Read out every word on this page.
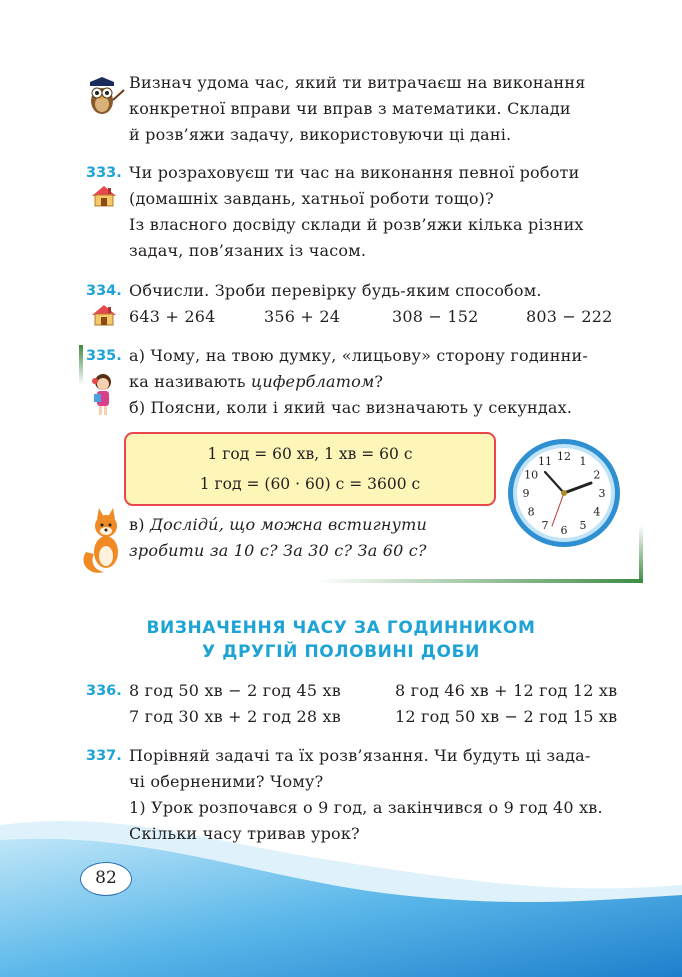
Визнач удома час, який ти витрачаєш на виконання
конкретної вправи чи вправ з математики. Склади
й розв’яжи задачу, використовуючи ці дані.
333. Чи розраховуєш ти час на виконання певної роботи
(домашніх завдань, хатньої роботи тощо)?
Із власного досвіду склади й розв’яжи кілька різних
задач, пов’язаних із часом.
334. Обчисли. Зроби перевірку будь-яким способом.
643 + 264	356 + 24	308 − 152	803 − 222
335. а) Чому, на твою думку, «лицьову» сторону годинни-
ка називають циферблатом?
б) Поясни, коли і який час визначають у секундах.
1 год = 60 хв, 1 хв = 60 с
1 год = (60 · 60) с = 3600 с
12 1
2
3
4
5
6
7
8
9
10
11
в) Досліди́, що можна встигнути
зробити за 10 с? За 30 с? За 60 с?
ВИЗНАЧЕННЯ ЧАСУ ЗА ГОДИННИКОМ
У ДРУГІЙ ПОЛОВИНІ ДОБИ
336. 8 год 50 хв − 2 год 45 хв	8 год 46 хв + 12 год 12 хв
7 год 30 хв + 2 год 28 хв	12 год 50 хв − 2 год 15 хв
337. Порівняй задачі та їх розв’язання. Чи будуть ці зада-
чі оберненими? Чому?
1) Урок розпочався о 9 год, а закінчився о 9 год 40 хв.
Скільки часу тривав урок?
82
